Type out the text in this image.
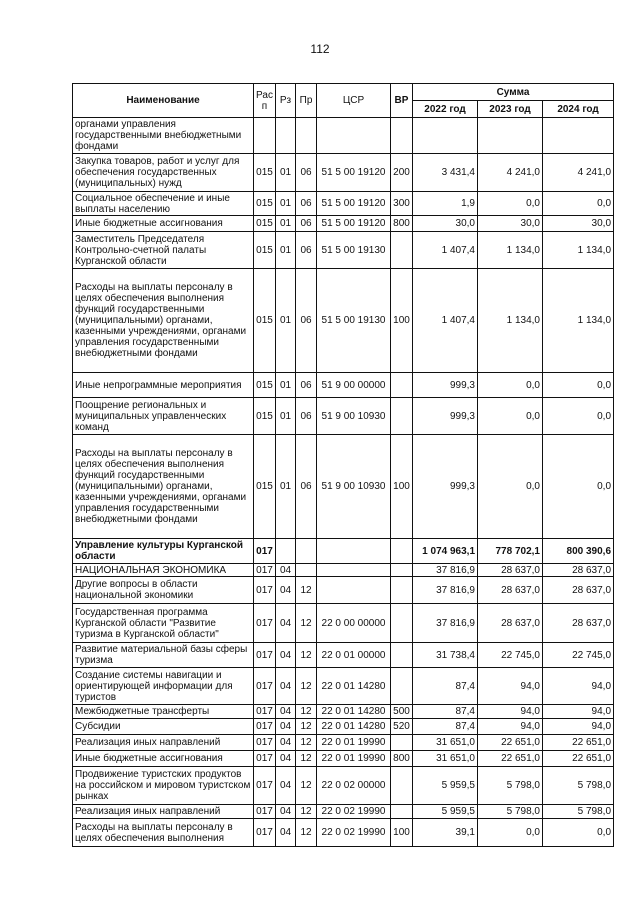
112
Наименование	Рас п	Рз	Пр	ЦСР	ВР	Сумма		
						2022 год	2023 год	2024 год
органами управления государственными внебюджетными фондами								
Закупка товаров, работ и услуг для обеспечения государственных (муниципальных) нужд	015	01	06	51 5 00 19120	200	3 431,4	4 241,0	4 241,0
Социальное обеспечение и иные выплаты населению	015	01	06	51 5 00 19120	300	1,9	0,0	0,0
Иные бюджетные ассигнования	015	01	06	51 5 00 19120	800	30,0	30,0	30,0
Заместитель Председателя Контрольно-счетной палаты Курганской области	015	01	06	51 5 00 19130		1 407,4	1 134,0	1 134,0
Расходы на выплаты персоналу в целях обеспечения выполнения функций государственными (муниципальными) органами, казенными учреждениями, органами управления государственными внебюджетными фондами	015	01	06	51 5 00 19130	100	1 407,4	1 134,0	1 134,0
Иные непрограммные мероприятия	015	01	06	51 9 00 00000		999,3	0,0	0,0
Поощрение региональных и муниципальных управленческих команд	015	01	06	51 9 00 10930		999,3	0,0	0,0
Расходы на выплаты персоналу в целях обеспечения выполнения функций государственными (муниципальными) органами, казенными учреждениями, органами управления государственными внебюджетными фондами	015	01	06	51 9 00 10930	100	999,3	0,0	0,0
Управление культуры Курганской области	017					1 074 963,1	778 702,1	800 390,6
НАЦИОНАЛЬНАЯ ЭКОНОМИКА	017	04				37 816,9	28 637,0	28 637,0
Другие вопросы в области национальной экономики	017	04	12			37 816,9	28 637,0	28 637,0
Государственная программа Курганской области "Развитие туризма в Курганской области"	017	04	12	22 0 00 00000		37 816,9	28 637,0	28 637,0
Развитие материальной базы сферы туризма	017	04	12	22 0 01 00000		31 738,4	22 745,0	22 745,0
Создание системы навигации и ориентирующей информации для туристов	017	04	12	22 0 01 14280		87,4	94,0	94,0
Межбюджетные трансферты	017	04	12	22 0 01 14280	500	87,4	94,0	94,0
Субсидии	017	04	12	22 0 01 14280	520	87,4	94,0	94,0
Реализация иных направлений	017	04	12	22 0 01 19990		31 651,0	22 651,0	22 651,0
Иные бюджетные ассигнования	017	04	12	22 0 01 19990	800	31 651,0	22 651,0	22 651,0
Продвижение туристских продуктов на российском и мировом туристском рынках	017	04	12	22 0 02 00000		5 959,5	5 798,0	5 798,0
Реализация иных направлений	017	04	12	22 0 02 19990		5 959,5	5 798,0	5 798,0
Расходы на выплаты персоналу в целях обеспечения выполнения	017	04	12	22 0 02 19990	100	39,1	0,0	0,0
